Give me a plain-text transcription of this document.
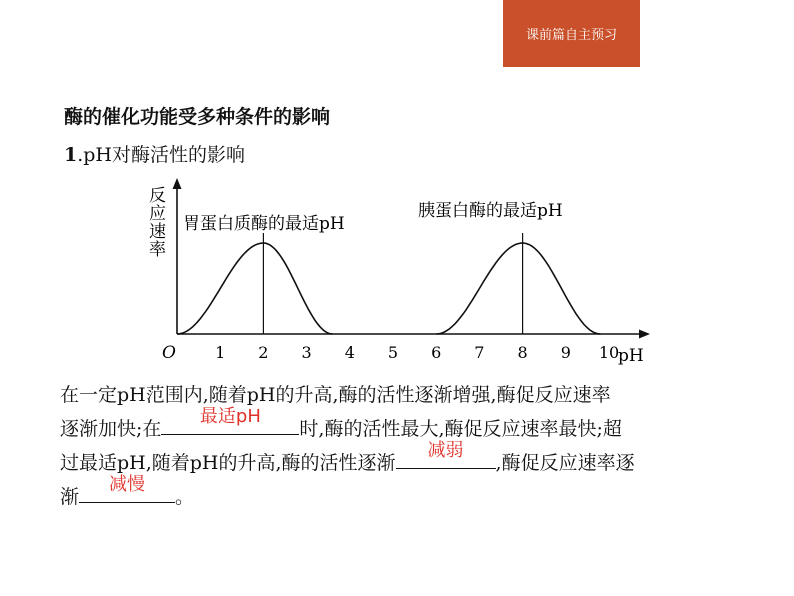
课前篇自主预习
酶的催化功能受多种条件的影响
1.pH对酶活性的影响
反应速率
O 1 2 3 4 5 6 7 8 9 10
pH
胃蛋白质酶的最适pH
胰蛋白酶的最适pH
在一定pH范围内,随着pH的升高,酶的活性逐渐增强,酶促反应速率
逐渐加快;在
最适pH
时,酶的活性最大,酶促反应速率最快;超
过最适pH,随着pH的升高,酶的活性逐渐
减弱
,酶促反应速率逐
渐
减慢
。
